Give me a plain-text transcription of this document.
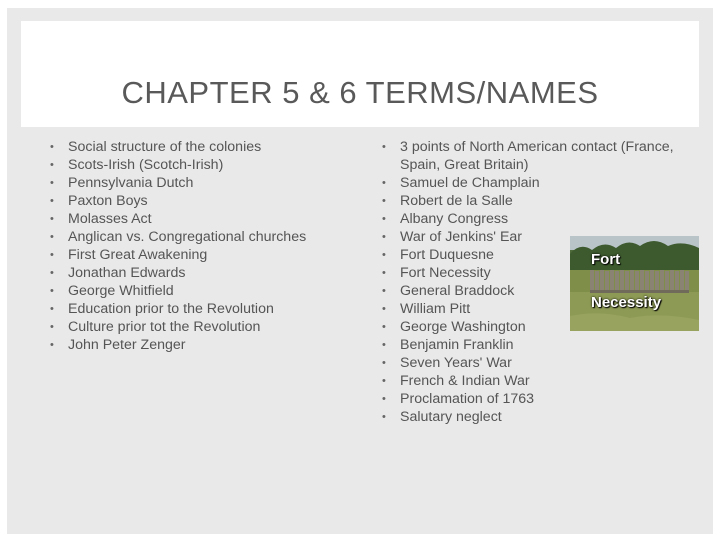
CHAPTER 5 & 6 TERMS/NAMES
• Social structure of the colonies
• Scots-Irish (Scotch-Irish)
• Pennsylvania Dutch
• Paxton Boys
• Molasses Act
• Anglican vs. Congregational churches
• First Great Awakening
• Jonathan Edwards
• George Whitfield
• Education prior to the Revolution
• Culture prior tot the Revolution
• John Peter Zenger
• 3 points of North American contact (France, Spain, Great Britain)
• Samuel de Champlain
• Robert de la Salle
• Albany Congress
• War of Jenkins' Ear
• Fort Duquesne
• Fort Necessity
• General Braddock
• William Pitt
• George Washington
• Benjamin Franklin
• Seven Years' War
• French & Indian War
• Proclamation of 1763
• Salutary neglect
Fort
Necessity
